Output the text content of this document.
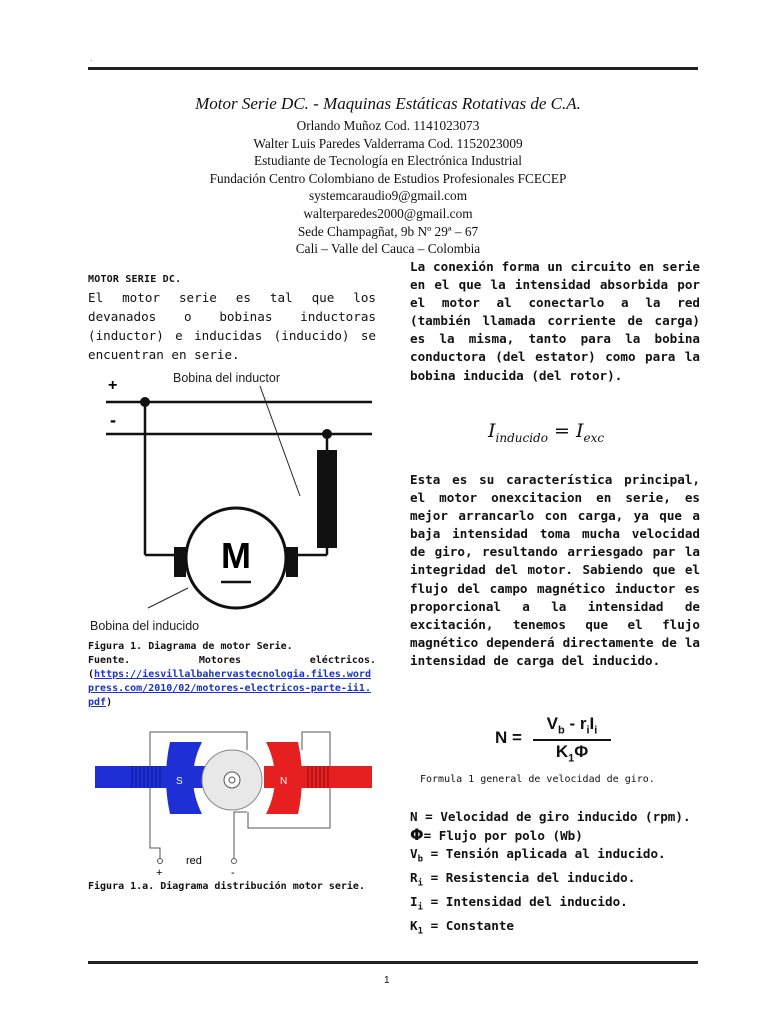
.
Motor Serie DC. - Maquinas Estáticas Rotativas de C.A.
Orlando Muñoz Cod. 1141023073
Walter Luis Paredes Valderrama Cod. 1152023009
Estudiante de Tecnología en Electrónica Industrial
Fundación Centro Colombiano de Estudios Profesionales FCECEP
systemcaraudio9@gmail.com
walterparedes2000@gmail.com
Sede Champagñat, 9b Nº 29ª – 67
Cali – Valle del Cauca – Colombia
MOTOR SERIE DC.
El motor serie es tal que los devanados o bobinas inductoras (inductor) e inducidas (inducido) se encuentran en serie.
+
-
Bobina del inductor
M
Bobina del inducido
Figura 1. Diagrama de motor Serie.
Fuente. Motores eléctricos.
(https://iesvillalbahervastecnologia.files.wordpress.com/2010/02/motores-electricos-parte-ii1.pdf)
S	N
+	-
red
Figura 1.a. Diagrama distribución motor serie.
La conexión forma un circuito en serie en el que la intensidad absorbida por el motor al conectarlo a la red (también llamada corriente de carga) es la misma, tanto para la bobina conductora (del estator) como para la bobina inducida (del rotor).
$I_{inducido} = I_{exc}$
Esta es su característica principal, el motor onexcitacion en serie, es mejor arrancarlo con carga, ya que a baja intensidad toma mucha velocidad de giro, resultando arriesgado par la integridad del motor. Sabiendo que el flujo del campo magnético inductor es proporcional a la intensidad de excitación, tenemos que el flujo magnético dependerá directamente de la intensidad de carga del inducido.
N =
$V_b - r_iI_i$
$K_1\Phi$
Formula 1 general de velocidad de giro.
N = Velocidad de giro inducido (rpm).
Φ= Flujo por polo (Wb)
$V_b$ = Tensión aplicada al inducido.
$R_i$ = Resistencia del inducido.
$I_i$ = Intensidad del inducido.
$K_1$ = Constante
1
